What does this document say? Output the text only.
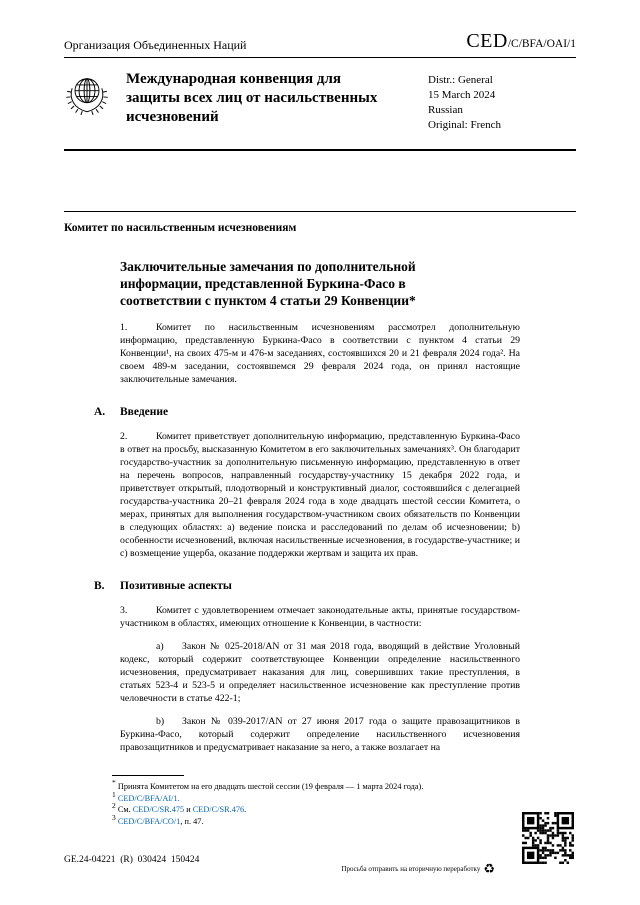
Организация Объединенных Наций	CED /C/BFA/OAI/1
Международная конвенция для защиты всех лиц от насильственных исчезновений
Distr.: General
15 March 2024
Russian
Original: French
Комитет по насильственным исчезновениям
Заключительные замечания по дополнительной информации, представленной Буркина-Фасо в соответствии с пунктом 4 статьи 29 Конвенции*

1.	Комитет по насильственным исчезновениям рассмотрел дополнительную информацию, представленную Буркина-Фасо в соответствии с пунктом 4 статьи 29 Конвенции¹, на своих 475-м и 476-м заседаниях, состоявшихся 20 и 21 февраля 2024 года². На своем 489-м заседании, состоявшемся 29 февраля 2024 года, он принял настоящие заключительные замечания.

A.	Введение

2.	Комитет приветствует дополнительную информацию, представленную Буркина-Фасо в ответ на просьбу, высказанную Комитетом в его заключительных замечаниях³. Он благодарит государство-участник за дополнительную письменную информацию, представленную в ответ на перечень вопросов, направленный государству-участнику 15 декабря 2022 года, и приветствует открытый, плодотворный и конструктивный диалог, состоявшийся с делегацией государства-участника 20–21 февраля 2024 года в ходе двадцать шестой сессии Комитета, о мерах, принятых для выполнения государством-участником своих обязательств по Конвенции в следующих областях: a) ведение поиска и расследований по делам об исчезновении; b) особенности исчезновений, включая насильственные исчезновения, в государстве-участнике; и c) возмещение ущерба, оказание поддержки жертвам и защита их прав.

B.	Позитивные аспекты

3.	Комитет с удовлетворением отмечает законодательные акты, принятые государством-участником в областях, имеющих отношение к Конвенции, в частности:

a) Закон № 025-2018/AN от 31 мая 2018 года, вводящий в действие Уголовный кодекс, который содержит соответствующее Конвенции определение насильственного исчезновения, предусматривает наказания для лиц, совершивших такие преступления, в статьях 523-4 и 523-5 и определяет насильственное исчезновение как преступление против человечности в статье 422-1;

b) Закон № 039-2017/AN от 27 июня 2017 года о защите правозащитников в Буркина-Фасо, который содержит определение насильственного исчезновения правозащитников и предусматривает наказание за него, а также возлагает на

* Принята Комитетом на его двадцать шестой сессии (19 февраля — 1 марта 2024 года).
1 CED/C/BFA/AI/1.
2 См. CED/C/SR.475 и CED/C/SR.476.
3 CED/C/BFA/CO/1, п. 47.
GE.24-04221  (R)  030424  150424
Просьба отправить на вторичную переработку ♻
